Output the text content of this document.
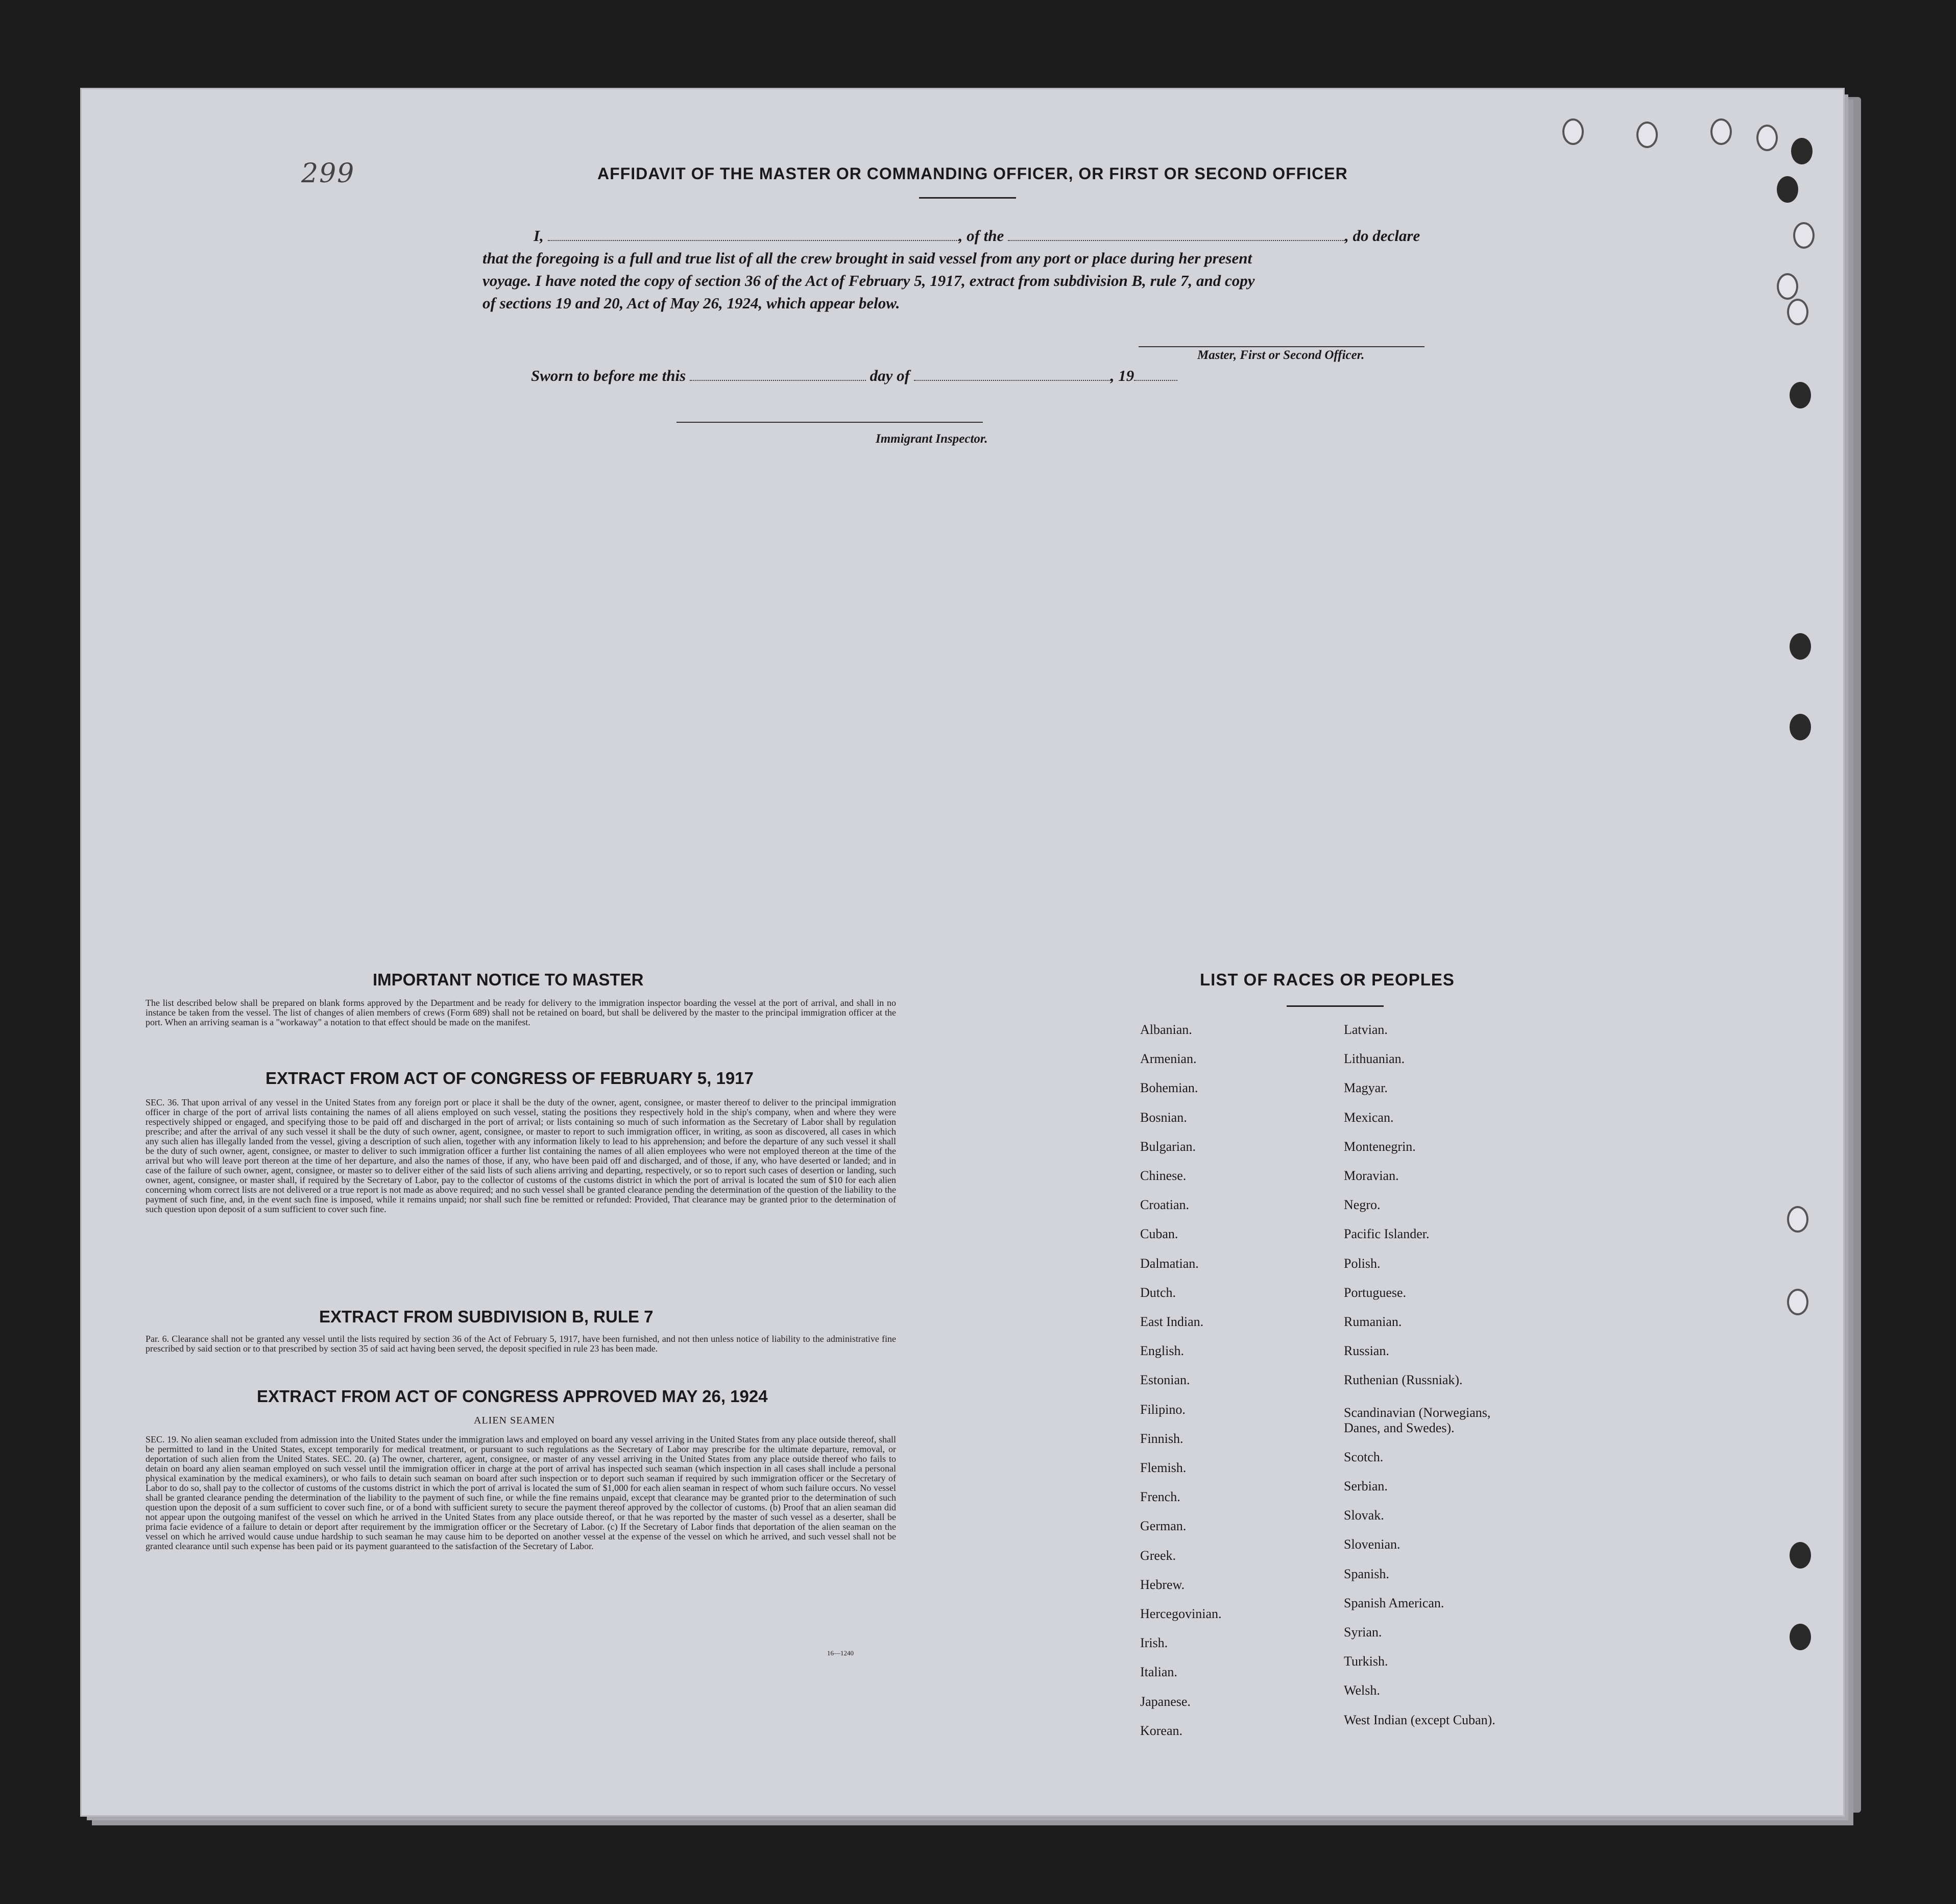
299	AFFIDAVIT OF THE MASTER OR COMMANDING OFFICER, OR FIRST OR SECOND OFFICER
I,	, of the	, do declare
that the foregoing is a full and true list of all the crew brought in said vessel from any port or place during her present
voyage. I have noted the copy of section 36 of the Act of February 5, 1917, extract from subdivision B, rule 7, and copy
of sections 19 and 20, Act of May 26, 1924, which appear below.
Master, First or Second Officer.
Sworn to before me this	day of	, 19
Immigrant Inspector.
IMPORTANT NOTICE TO MASTER
The list described below shall be prepared on blank forms approved by the Department and be ready for delivery to the immigration inspector boarding the vessel at the port of arrival, and shall in no instance be taken from the vessel. The list of changes of alien members of crews (Form 689) shall not be retained on board, but shall be delivered by the master to the principal immigration officer at the port. When an arriving seaman is a "workaway" a notation to that effect should be made on the manifest.
EXTRACT FROM ACT OF CONGRESS OF FEBRUARY 5, 1917
SEC. 36. That upon arrival of any vessel in the United States from any foreign port or place it shall be the duty of the owner, agent, consignee, or master thereof to deliver to the principal immigration officer in charge of the port of arrival lists containing the names of all aliens employed on such vessel, stating the positions they respectively hold in the ship's company, when and where they were respectively shipped or engaged, and specifying those to be paid off and discharged in the port of arrival; or lists containing so much of such information as the Secretary of Labor shall by regulation prescribe; and after the arrival of any such vessel it shall be the duty of such owner, agent, consignee, or master to report to such immigration officer, in writing, as soon as discovered, all cases in which any such alien has illegally landed from the vessel, giving a description of such alien, together with any information likely to lead to his apprehension; and before the departure of any such vessel it shall be the duty of such owner, agent, consignee, or master to deliver to such immigration officer a further list containing the names of all alien employees who were not employed thereon at the time of the arrival but who will leave port thereon at the time of her departure, and also the names of those, if any, who have been paid off and discharged, and of those, if any, who have deserted or landed; and in case of the failure of such owner, agent, consignee, or master so to deliver either of the said lists of such aliens arriving and departing, respectively, or so to report such cases of desertion or landing, such owner, agent, consignee, or master shall, if required by the Secretary of Labor, pay to the collector of customs of the customs district in which the port of arrival is located the sum of $10 for each alien concerning whom correct lists are not delivered or a true report is not made as above required; and no such vessel shall be granted clearance pending the determination of the question of the liability to the payment of such fine, and, in the event such fine is imposed, while it remains unpaid; nor shall such fine be remitted or refunded: Provided, That clearance may be granted prior to the determination of such question upon deposit of a sum sufficient to cover such fine.
EXTRACT FROM SUBDIVISION B, RULE 7
Par. 6. Clearance shall not be granted any vessel until the lists required by section 36 of the Act of February 5, 1917, have been furnished, and not then unless notice of liability to the administrative fine prescribed by said section or to that prescribed by section 35 of said act having been served, the deposit specified in rule 23 has been made.
EXTRACT FROM ACT OF CONGRESS APPROVED MAY 26, 1924
ALIEN SEAMEN
SEC. 19. No alien seaman excluded from admission into the United States under the immigration laws and employed on board any vessel arriving in the United States from any place outside thereof, shall be permitted to land in the United States, except temporarily for medical treatment, or pursuant to such regulations as the Secretary of Labor may prescribe for the ultimate departure, removal, or deportation of such alien from the United States. SEC. 20. (a) The owner, charterer, agent, consignee, or master of any vessel arriving in the United States from any place outside thereof who fails to detain on board any alien seaman employed on such vessel until the immigration officer in charge at the port of arrival has inspected such seaman (which inspection in all cases shall include a personal physical examination by the medical examiners), or who fails to detain such seaman on board after such inspection or to deport such seaman if required by such immigration officer or the Secretary of Labor to do so, shall pay to the collector of customs of the customs district in which the port of arrival is located the sum of $1,000 for each alien seaman in respect of whom such failure occurs. No vessel shall be granted clearance pending the determination of the liability to the payment of such fine, or while the fine remains unpaid, except that clearance may be granted prior to the determination of such question upon the deposit of a sum sufficient to cover such fine, or of a bond with sufficient surety to secure the payment thereof approved by the collector of customs. (b) Proof that an alien seaman did not appear upon the outgoing manifest of the vessel on which he arrived in the United States from any place outside thereof, or that he was reported by the master of such vessel as a deserter, shall be prima facie evidence of a failure to detain or deport after requirement by the immigration officer or the Secretary of Labor. (c) If the Secretary of Labor finds that deportation of the alien seaman on the vessel on which he arrived would cause undue hardship to such seaman he may cause him to be deported on another vessel at the expense of the vessel on which he arrived, and such vessel shall not be granted clearance until such expense has been paid or its payment guaranteed to the satisfaction of the Secretary of Labor.
16—1240
LIST OF RACES OR PEOPLES
Albanian.
Armenian.
Bohemian.
Bosnian.
Bulgarian.
Chinese.
Croatian.
Cuban.
Dalmatian.
Dutch.
East Indian.
English.
Estonian.
Filipino.
Finnish.
Flemish.
French.
German.
Greek.
Hebrew.
Hercegovinian.
Irish.
Italian.
Japanese.
Korean.
Latvian.
Lithuanian.
Magyar.
Mexican.
Montenegrin.
Moravian.
Negro.
Pacific Islander.
Polish.
Portuguese.
Rumanian.
Russian.
Ruthenian (Russniak).
Scandinavian (Norwegians,
Danes, and Swedes).
Scotch.
Serbian.
Slovak.
Slovenian.
Spanish.
Spanish American.
Syrian.
Turkish.
Welsh.
West Indian (except Cuban).
